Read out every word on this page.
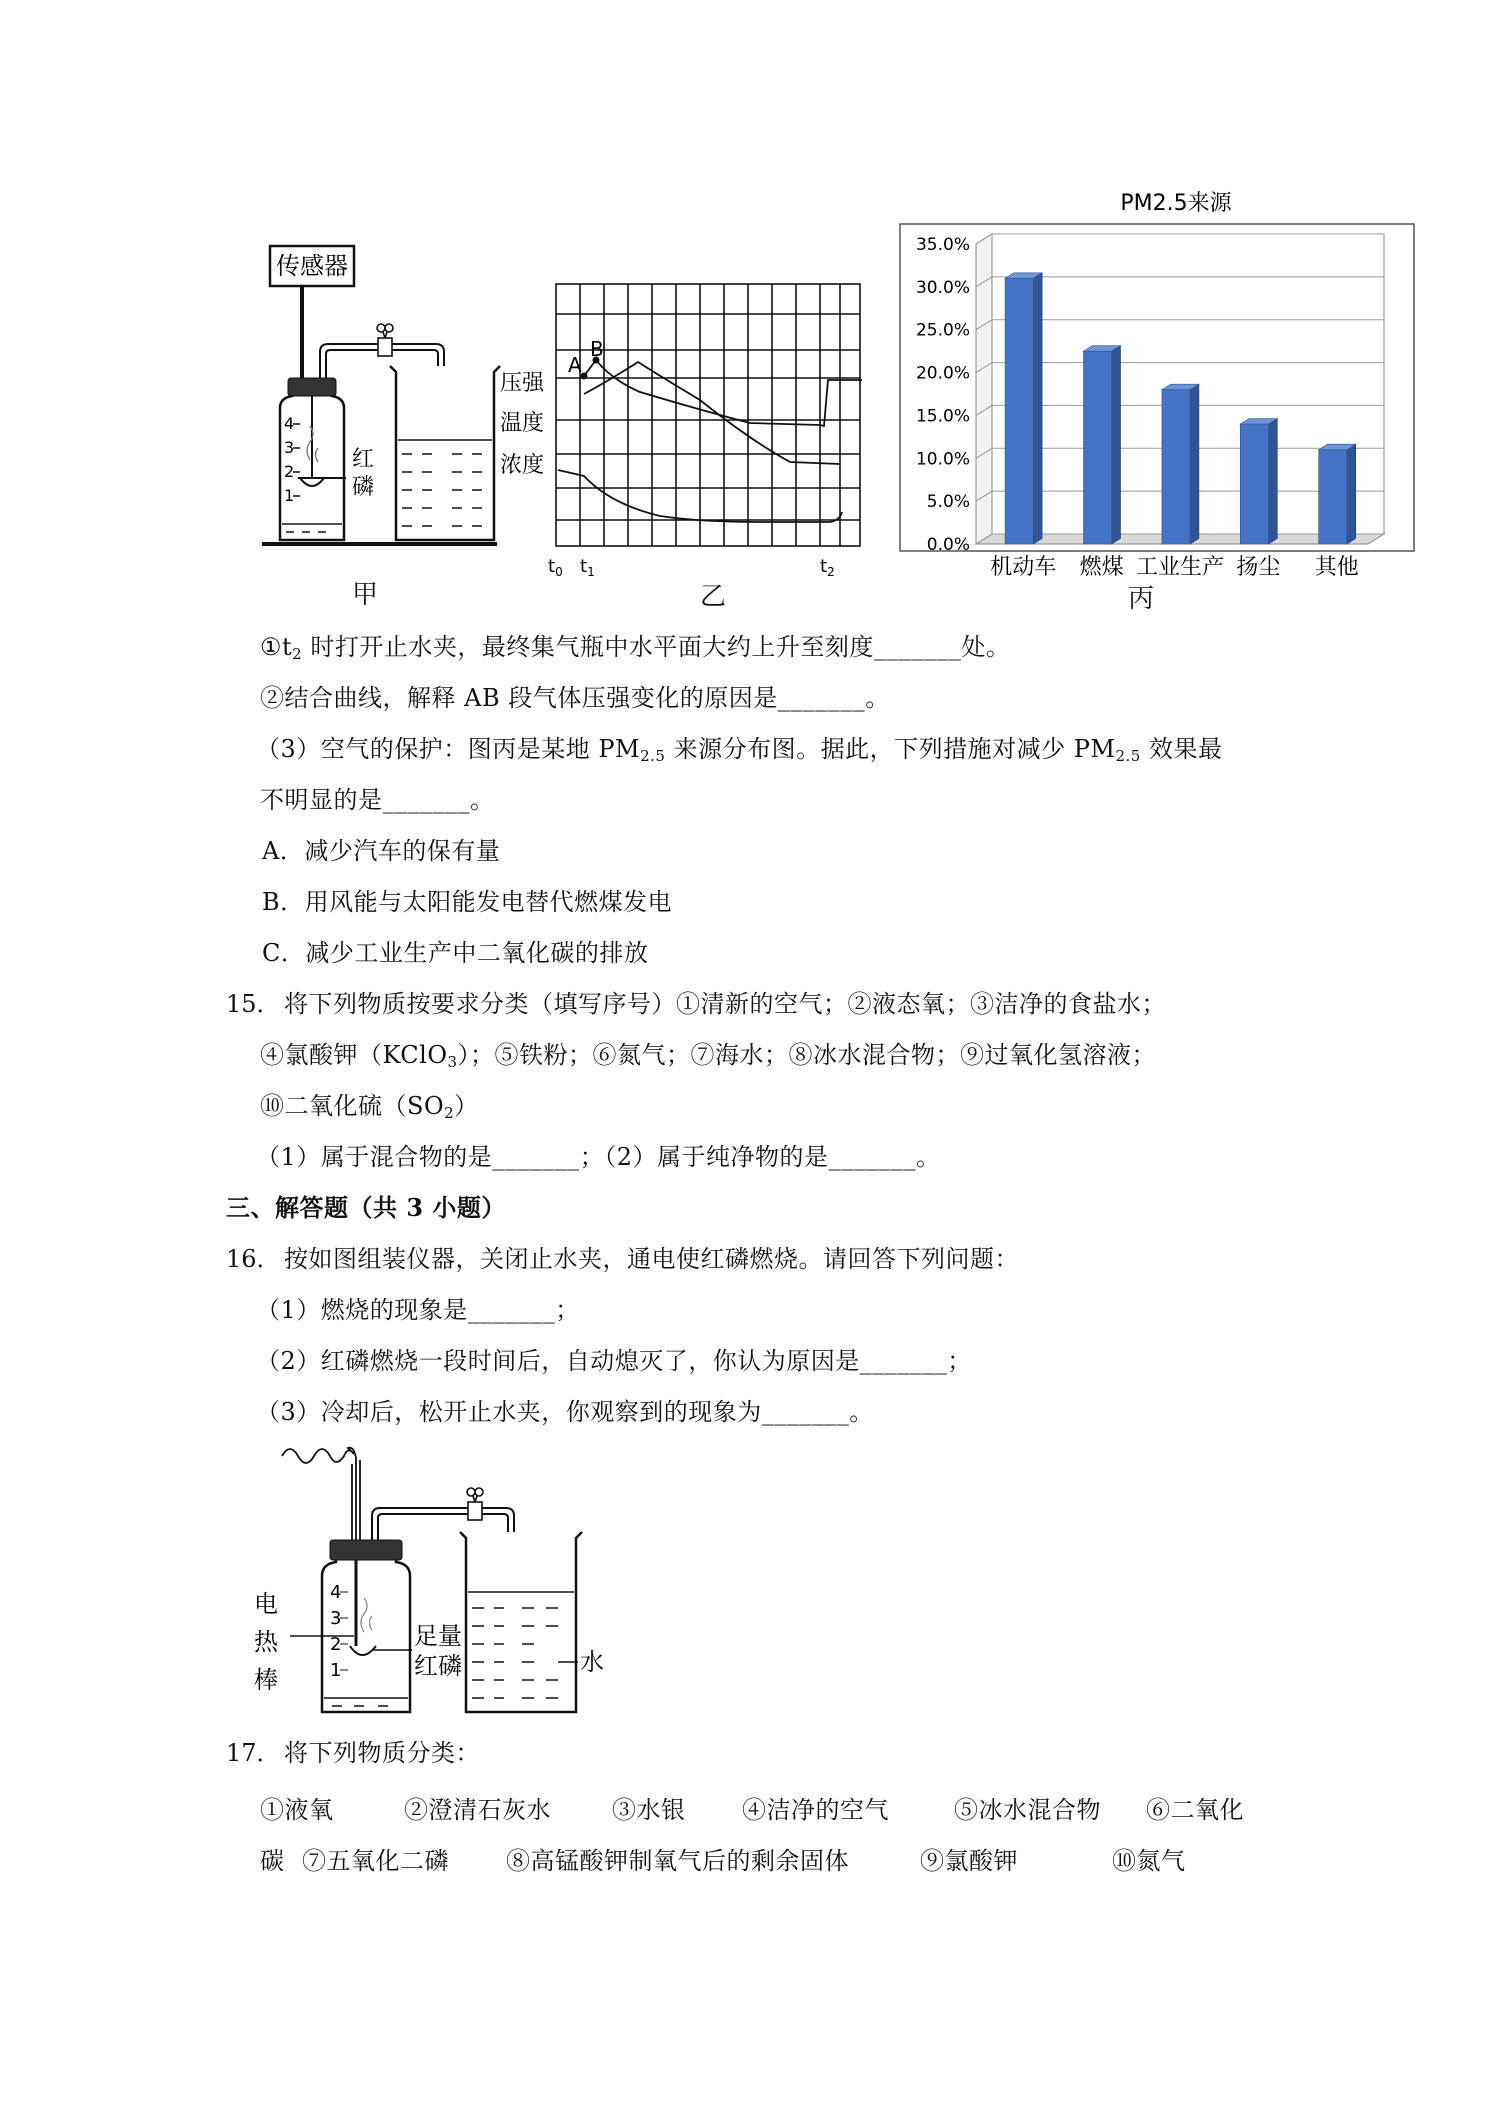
传感器
4
3
2
1
红
磷
甲
压强
温度
浓度
A
B
$t_0$ $t_1$	$t_2$
乙
PM2.5来源
0.0%
5.0%
10.0%
15.0%
20.0%
25.0%
30.0%
35.0%
机动车 燃煤 工业生产 扬尘 其他
丙
$①t_2$ 时打开止水夹，最终集气瓶中水平面大约上升至刻度_______处。
②结合曲线，解释 AB 段气体压强变化的原因是_______。
（3）空气的保护：图丙是某地 $PM_{2.5}$ 来源分布图。据此，下列措施对减少 $PM_{2.5}$ 效果最
不明显的是_______。
A．减少汽车的保有量
B．用风能与太阳能发电替代燃煤发电
C．减少工业生产中二氧化碳的排放
15． 将下列物质按要求分类（填写序号）①清新的空气；②液态氧；③洁净的食盐水；
④氯酸钾（KClO$_3$）；⑤铁粉；⑥氮气；⑦海水；⑧冰水混合物；⑨过氧化氢溶液；
⑩二氧化硫$(SO_2)$
（1）属于混合物的是_______；（2）属于纯净物的是_______。
三、解答题（共 3 小题）
16． 按如图组装仪器，关闭止水夹，通电使红磷燃烧。请回答下列问题：
（1）燃烧的现象是_______；
（2）红磷燃烧一段时间后，自动熄灭了，你认为原因是_______；
（3）冷却后，松开止水夹，你观察到的现象为_______。
17． 将下列物质分类：
①液氧	②澄清石灰水	③水银 ④洁净的空气	⑤冰水混合物 ⑥二氧化
碳 ⑦五氧化二磷 ⑧高锰酸钾制氧气后的剩余固体	⑨氯酸钾	⑩氮气
4
3
2
1
电
热
棒
足量
红磷	水
